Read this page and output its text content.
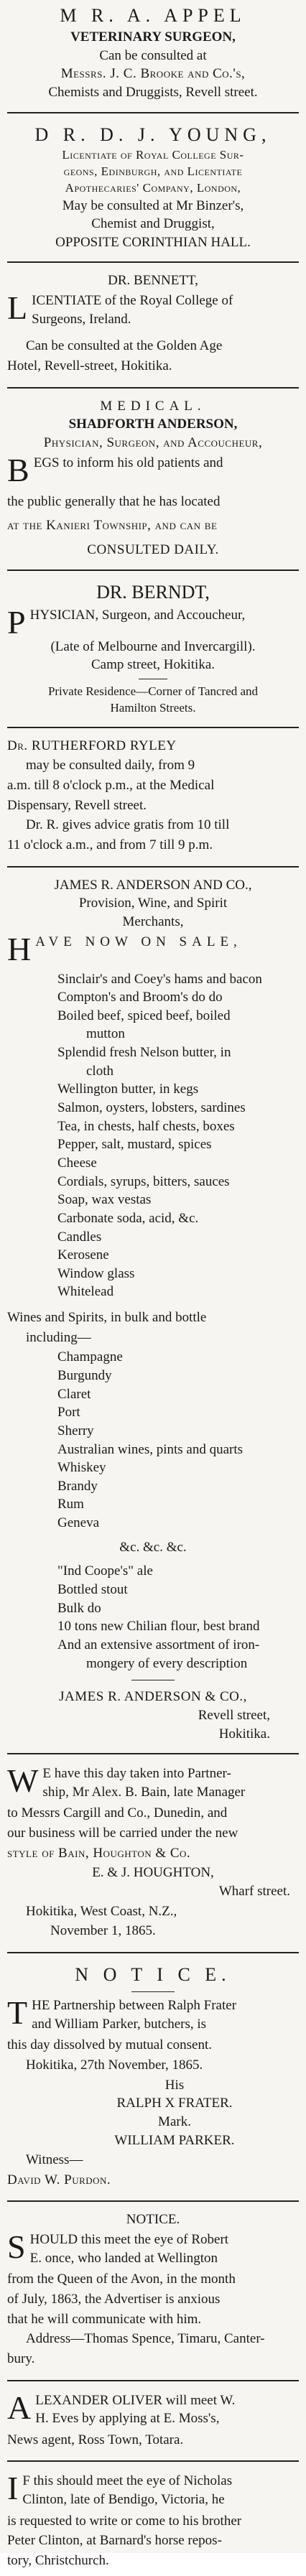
M R. A. APPEL
VETERINARY SURGEON,
Can be consulted at
Messrs. J. C. Brooke and Co.'s,
Chemists and Druggists, Revell street.
D R. D. J. YOUNG,
Licentiate of Royal College Sur-
geons, Edinburgh, and Licentiate
Apothecaries' Company, London,
May be consulted at Mr Binzer's,
Chemist and Druggist,
OPPOSITE CORINTHIAN HALL.
DR. BENNETT,
LICENTIATE of the Royal College of
Surgeons, Ireland.
Can be consulted at the Golden Age
Hotel, Revell-street, Hokitika.
MEDICAL.
SHADFORTH ANDERSON,
Physician, Surgeon, and Accoucheur,
BEGS to inform his old patients and
the public generally that he has located
at the Kanieri Township, and can be
CONSULTED DAILY.
DR. BERNDT,
PHYSICIAN, Surgeon, and Accoucheur,
(Late of Melbourne and Invercargill).
Camp street, Hokitika.
Private Residence—Corner of Tancred and
Hamilton Streets.
Dr. RUTHERFORD RYLEY
may be consulted daily, from 9
a.m. till 8 o'clock p.m., at the Medical
Dispensary, Revell street.
Dr. R. gives advice gratis from 10 till
11 o'clock a.m., and from 7 till 9 p.m.
JAMES R. ANDERSON AND CO.,
Provision, Wine, and Spirit
Merchants,
HAVE NOW ON SALE,
Sinclair's and Coey's hams and bacon
Compton's and Broom's do do
Boiled beef, spiced beef, boiled
mutton
Splendid fresh Nelson butter, in
cloth
Wellington butter, in kegs
Salmon, oysters, lobsters, sardines
Tea, in chests, half chests, boxes
Pepper, salt, mustard, spices
Cheese
Cordials, syrups, bitters, sauces
Soap, wax vestas
Carbonate soda, acid, &c.
Candles
Kerosene
Window glass
Whitelead
Wines and Spirits, in bulk and bottle
including—
Champagne
Burgundy
Claret
Port
Sherry
Australian wines, pints and quarts
Whiskey
Brandy
Rum
Geneva
&c. &c. &c.
"Ind Coope's" ale
Bottled stout
Bulk do
10 tons new Chilian flour, best brand
And an extensive assortment of iron-
mongery of every description
JAMES R. ANDERSON & CO.,
Revell street,
Hokitika.
W E have this day taken into Partner-
ship, Mr Alex. B. Bain, late Manager
to Messrs Cargill and Co., Dunedin, and
our business will be carried under the new
style of Bain, Houghton & Co.
E. & J. HOUGHTON,
Wharf street.
Hokitika, West Coast, N.Z.,
November 1, 1865.
N O T I C E.
THE Partnership between Ralph Frater
and William Parker, butchers, is
this day dissolved by mutual consent.
Hokitika, 27th November, 1865.
His
RALPH X FRATER.
Mark.
WILLIAM PARKER.
Witness—
David W. Purdon.
NOTICE.
SHOULD this meet the eye of Robert
E. once, who landed at Wellington
from the Queen of the Avon, in the month
of July, 1863, the Advertiser is anxious
that he will communicate with him.
Address—Thomas Spence, Timaru, Canter-
bury.
ALEXANDER OLIVER will meet W.
H. Eves by applying at E. Moss's,
News agent, Ross Town, Totara.
I F this should meet the eye of Nicholas
Clinton, late of Bendigo, Victoria, he
is requested to write or come to his brother
Peter Clinton, at Barnard's horse repos-
tory, Christchurch.
